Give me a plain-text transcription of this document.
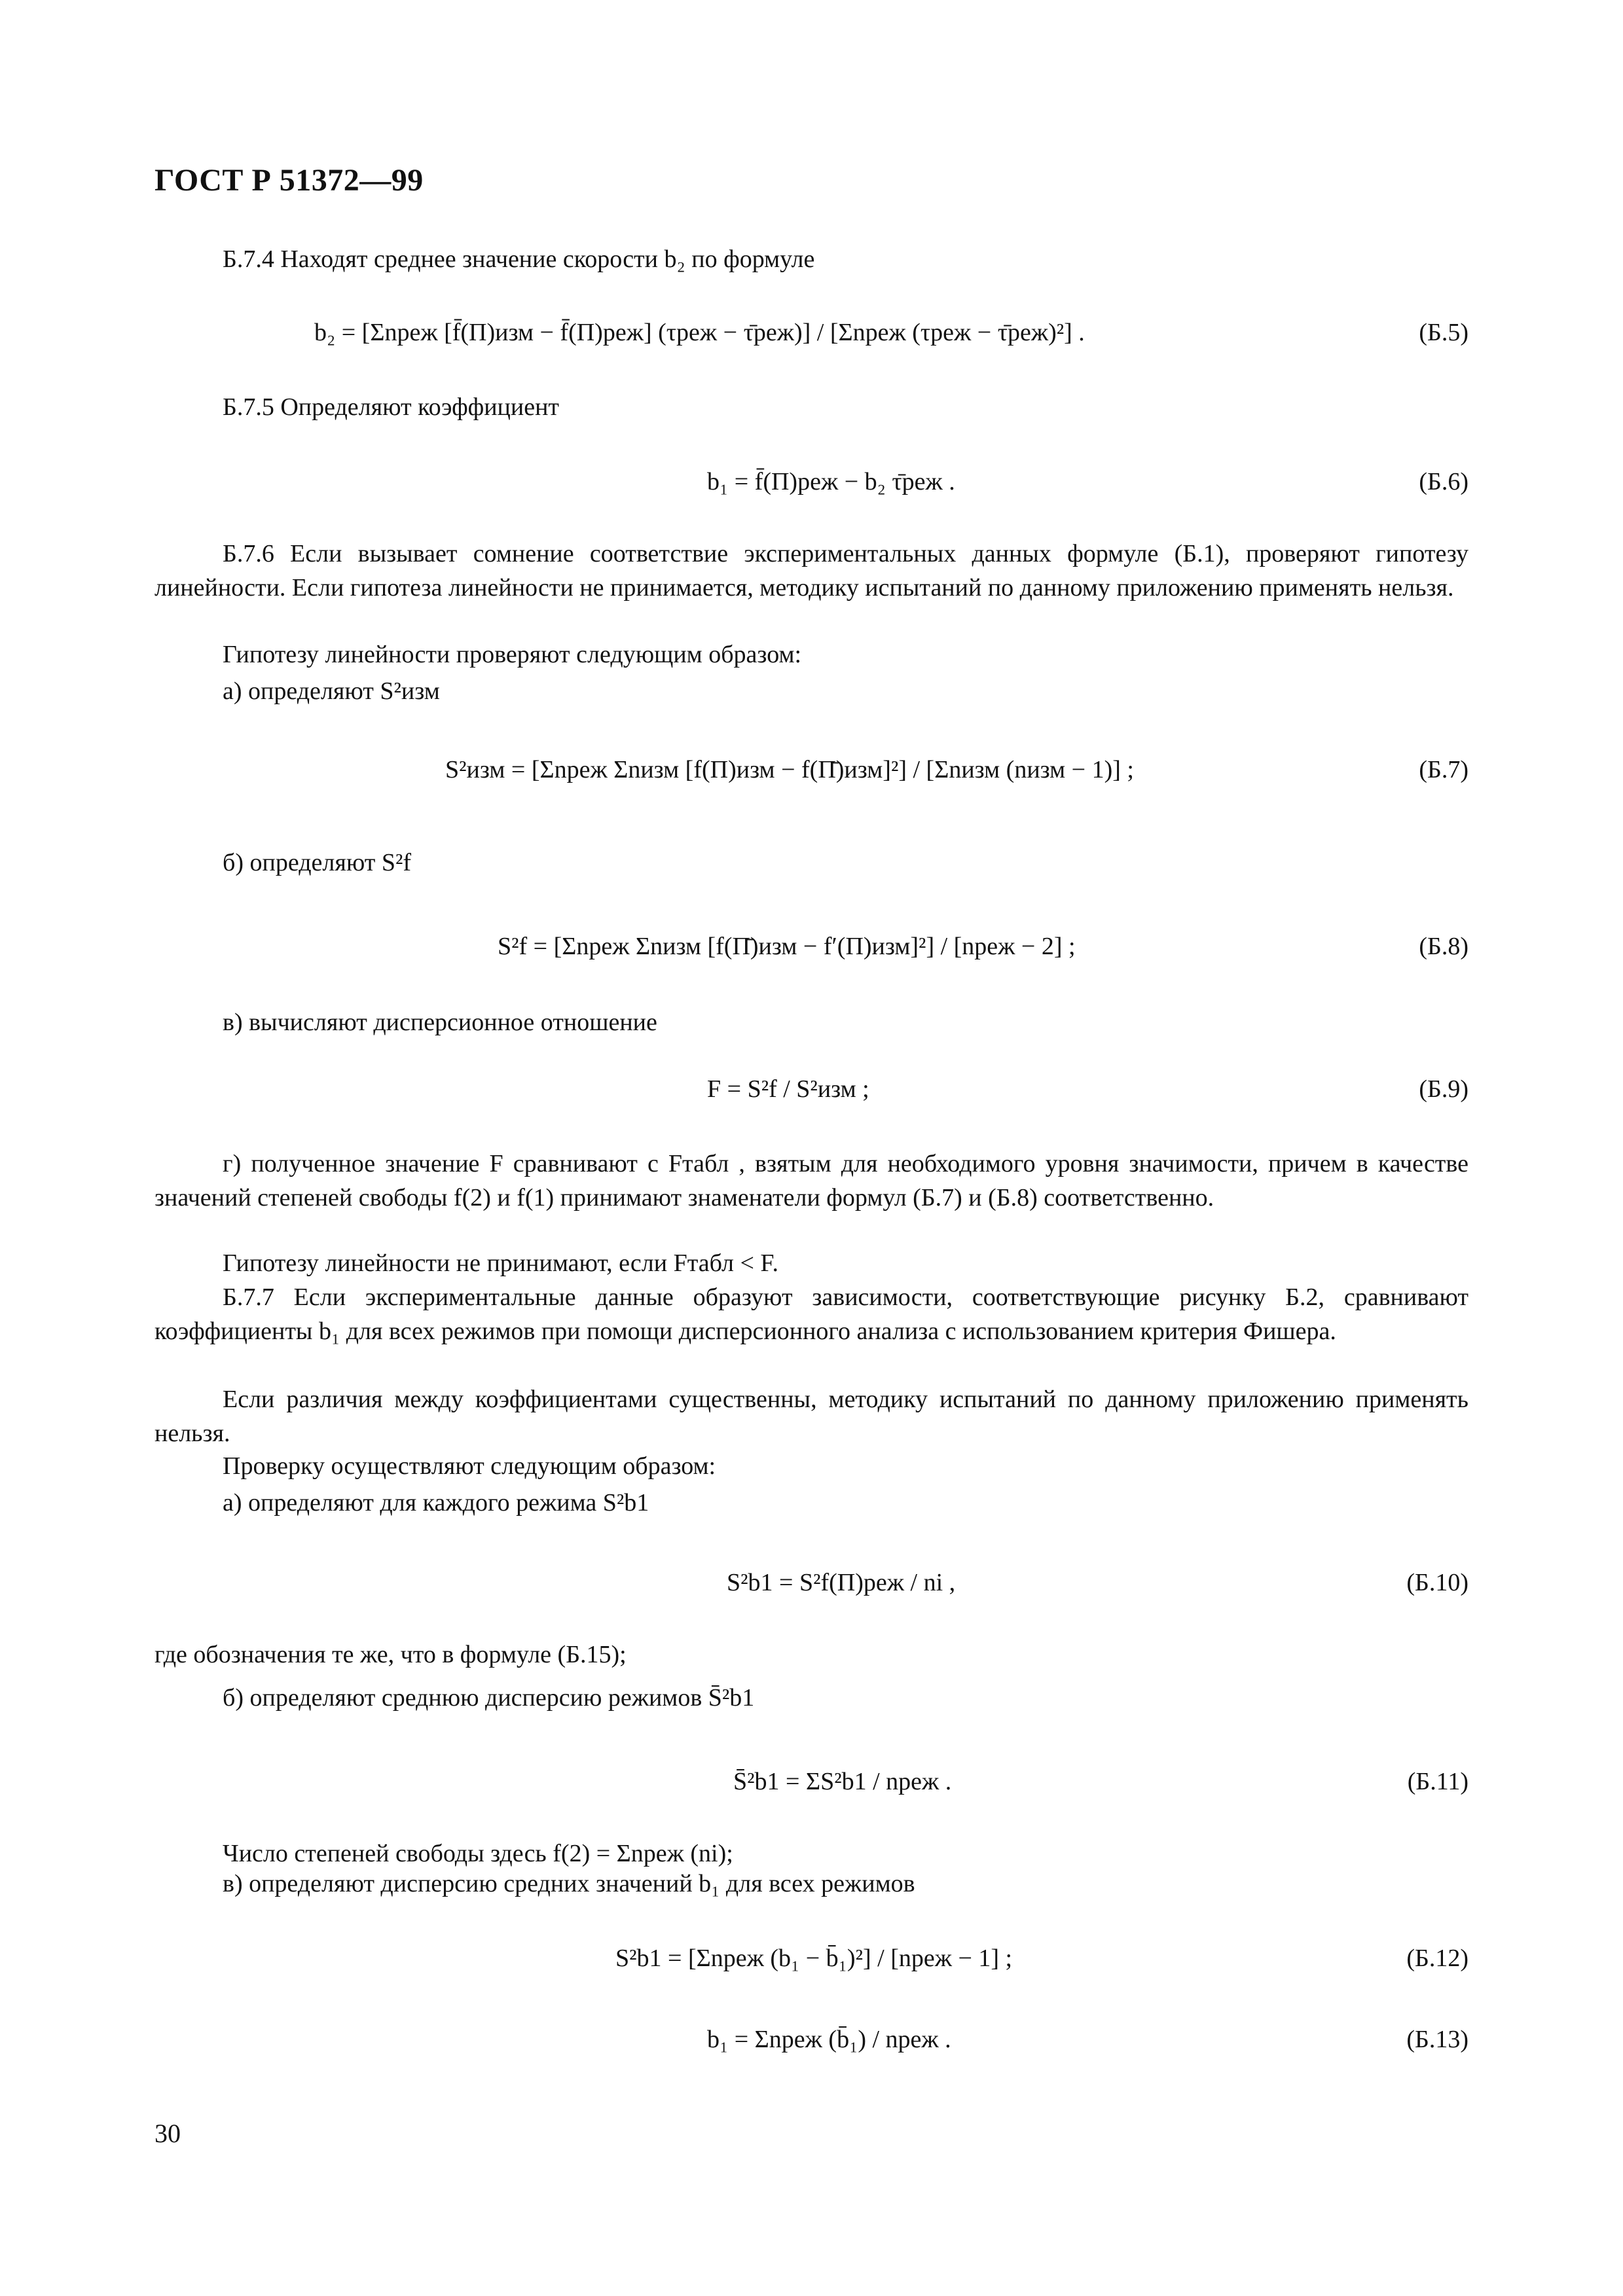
ГОСТ Р 51372—99
Б.7.4 Находят среднее значение скорости b₂ по формуле
b₂ = [Σnреж [f̄(П)изм − f̄(П)реж] (τреж − τ̄реж)] / [Σnреж (τреж − τ̄реж)²] .	(Б.5)
Б.7.5 Определяют коэффициент
b₁ = f̄(П)реж − b₂ τ̄реж .	(Б.6)
Б.7.6 Если вызывает сомнение соответствие экспериментальных данных формуле (Б.1), проверяют гипотезу линейности. Если гипотеза линейности не принимается, методику испытаний по данному приложению применять нельзя.
Гипотезу линейности проверяют следующим образом:
а) определяют S²изм
S²изм = [Σnреж Σnизм [f(П)изм − f(П̄)изм]²] / [Σnизм (nизм − 1)] ;	(Б.7)
б) определяют S²f
S²f = [Σnреж Σnизм [f(П̄)изм − f′(П)изм]²] / [nреж − 2] ;	(Б.8)
в) вычисляют дисперсионное отношение
F = S²f / S²изм ;	(Б.9)
г) полученное значение F сравнивают с Fтабл , взятым для необходимого уровня значимости, причем в качестве значений степеней свободы f(2) и f(1) принимают знаменатели формул (Б.7) и (Б.8) соответственно.
Гипотезу линейности не принимают, если Fтабл < F.
Б.7.7 Если экспериментальные данные образуют зависимости, соответствующие рисунку Б.2, сравнивают коэффициенты b₁ для всех режимов при помощи дисперсионного анализа с использованием критерия Фишера.
Если различия между коэффициентами существенны, методику испытаний по данному приложению применять нельзя.
Проверку осуществляют следующим образом:
а) определяют для каждого режима S²b1
S²b1 = S²f(П)реж / ni ,	(Б.10)
где обозначения те же, что в формуле (Б.15);
б) определяют среднюю дисперсию режимов S̄²b1
S̄²b1 = ΣS²b1 / nреж .	(Б.11)
Число степеней свободы здесь f(2) = Σnреж (ni);
в) определяют дисперсию средних значений b₁ для всех режимов
S²b1 = [Σnреж (b₁ − b̄₁)²] / [nреж − 1] ;	(Б.12)
b₁ = Σnреж (b̄₁) / nреж .	(Б.13)
30
